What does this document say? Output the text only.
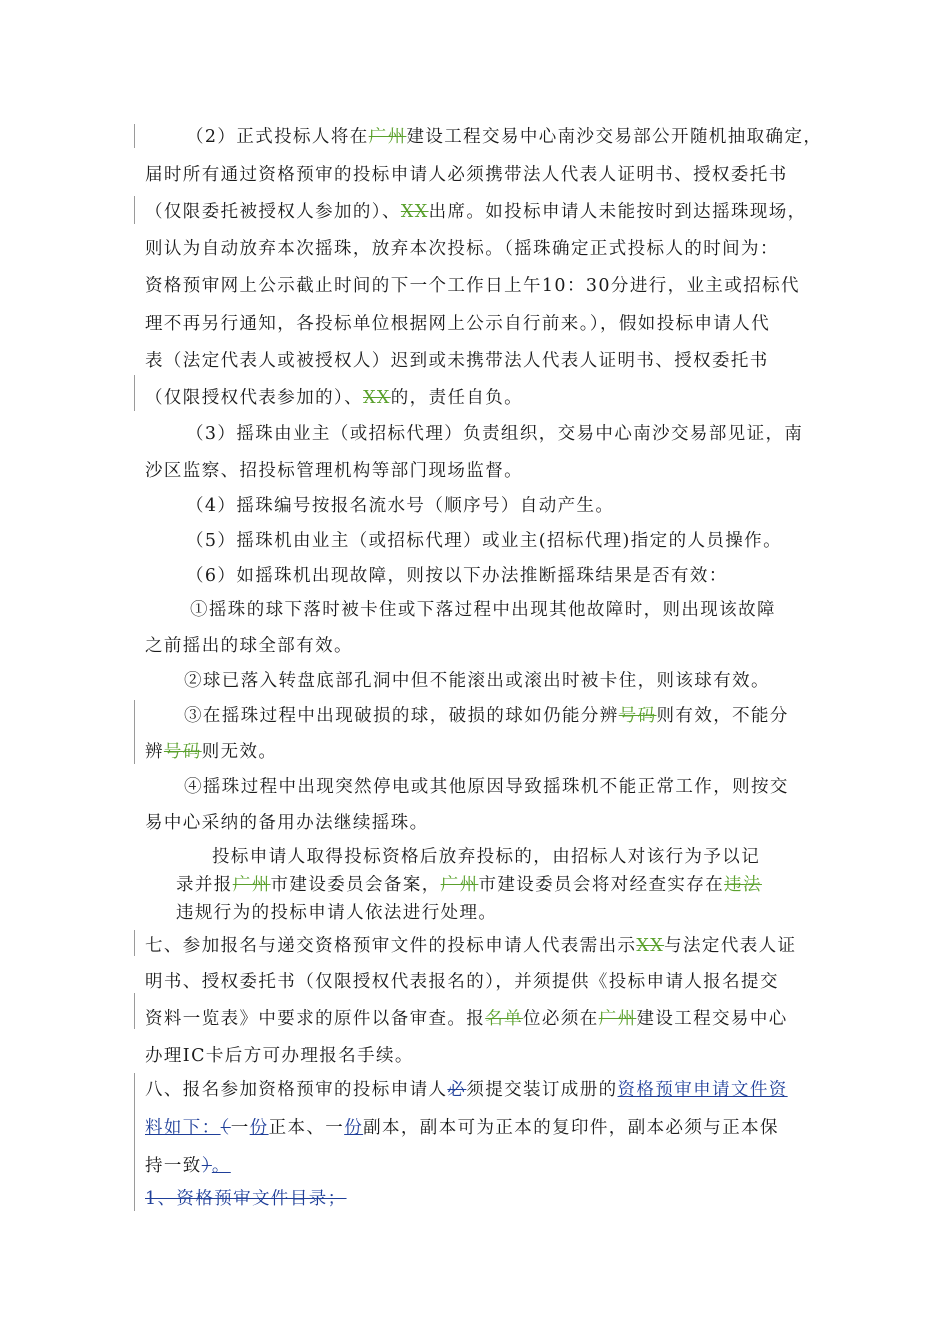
（2）正式投标人将在广州建设工程交易中心南沙交易部公开随机抽取确定，
届时所有通过资格预审的投标申请人必须携带法人代表人证明书、授权委托书
（仅限委托被授权人参加的）、XX出席。如投标申请人未能按时到达摇珠现场，
则认为自动放弃本次摇珠，放弃本次投标。（摇珠确定正式投标人的时间为：
资格预审网上公示截止时间的下一个工作日上午10：30分进行，业主或招标代
理不再另行通知，各投标单位根据网上公示自行前来。），假如投标申请人代
表（法定代表人或被授权人）迟到或未携带法人代表人证明书、授权委托书
（仅限授权代表参加的）、XX的，责任自负。
（3）摇珠由业主（或招标代理）负责组织，交易中心南沙交易部见证，南
沙区监察、招投标管理机构等部门现场监督。
（4）摇珠编号按报名流水号（顺序号）自动产生。
（5）摇珠机由业主（或招标代理）或业主(招标代理)指定的人员操作。
（6）如摇珠机出现故障，则按以下办法推断摇珠结果是否有效：
①摇珠的球下落时被卡住或下落过程中出现其他故障时，则出现该故障
之前摇出的球全部有效。
②球已落入转盘底部孔洞中但不能滚出或滚出时被卡住，则该球有效。
③在摇珠过程中出现破损的球，破损的球如仍能分辨号码则有效，不能分
辨号码则无效。
④摇珠过程中出现突然停电或其他原因导致摇珠机不能正常工作，则按交
易中心采纳的备用办法继续摇珠。
投标申请人取得投标资格后放弃投标的，由招标人对该行为予以记
录并报广州市建设委员会备案，广州市建设委员会将对经查实存在违法
违规行为的投标申请人依法进行处理。
七、参加报名与递交资格预审文件的投标申请人代表需出示XX与法定代表人证
明书、授权委托书（仅限授权代表报名的），并须提供《投标申请人报名提交
资料一览表》中要求的原件以备审查。报名单位必须在广州建设工程交易中心
办理IC卡后方可办理报名手续。
八、报名参加资格预审的投标申请人必须提交装订成册的资格预审申请文件资
料如下：（一份正本、一份副本，副本可为正本的复印件，副本必须与正本保
持一致）。
1、资格预审文件目录；
